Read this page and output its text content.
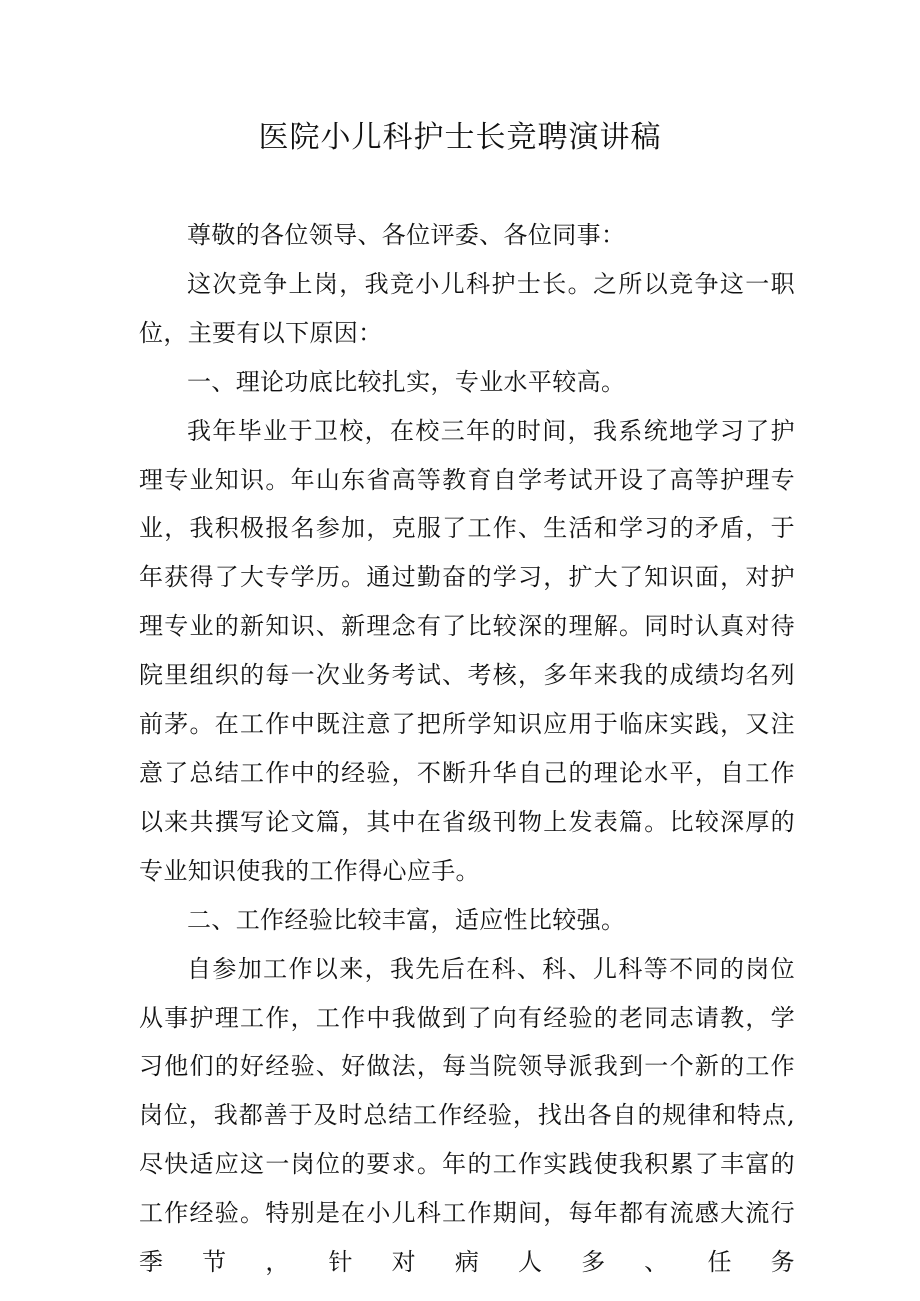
医院小儿科护士长竞聘演讲稿

尊敬的各位领导、各位评委、各位同事：

这次竞争上岗，我竞小儿科护士长。之所以竞争这一职位，主要有以下原因：

一、理论功底比较扎实，专业水平较高。

我年毕业于卫校，在校三年的时间，我系统地学习了护理专业知识。年山东省高等教育自学考试开设了高等护理专业，我积极报名参加，克服了工作、生活和学习的矛盾，于年获得了大专学历。通过勤奋的学习，扩大了知识面，对护理专业的新知识、新理念有了比较深的理解。同时认真对待院里组织的每一次业务考试、考核，多年来我的成绩均名列前茅。在工作中既注意了把所学知识应用于临床实践，又注意了总结工作中的经验，不断升华自己的理论水平，自工作以来共撰写论文篇，其中在省级刊物上发表篇。比较深厚的专业知识使我的工作得心应手。

二、工作经验比较丰富，适应性比较强。

自参加工作以来，我先后在科、科、儿科等不同的岗位从事护理工作，工作中我做到了向有经验的老同志请教，学习他们的好经验、好做法，每当院领导派我到一个新的工作岗位，我都善于及时总结工作经验，找出各自的规律和特点,尽快适应这一岗位的要求。年的工作实践使我积累了丰富的工作经验。特别是在小儿科工作期间，每年都有流感大流行季节，针对病人多、任务
